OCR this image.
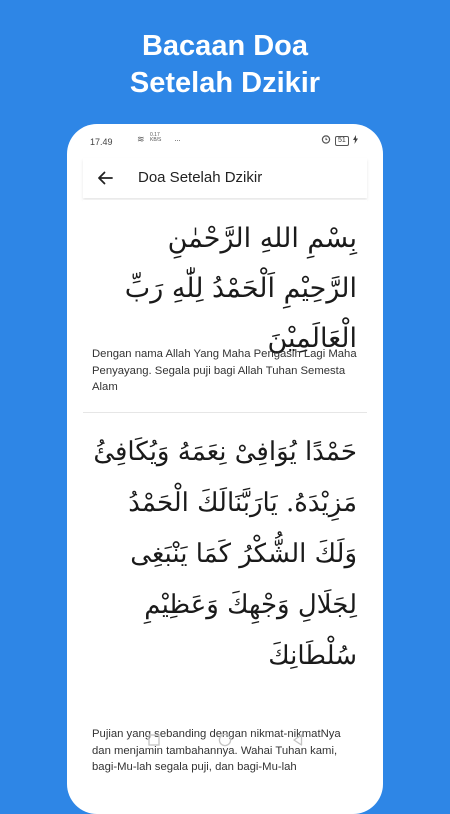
Bacaan Doa
Setelah Dzikir
17.49	≋ 0.17
KB/S ···	51
Doa Setelah Dzikir
بِسْمِ اللهِ الرَّحْمٰنِ الرَّحِيْمِ اَلْحَمْدُ لِلّٰهِ رَبِّ الْعَالَمِيْنَ
Dengan nama Allah Yang Maha Pengasih Lagi Maha Penyayang. Segala puji bagi Allah Tuhan Semesta Alam
حَمْدًا يُوَافِىْ نِعَمَهُ وَيُكَافِئُ مَزِيْدَهُ. يَارَبَّنَالَكَ الْحَمْدُ وَلَكَ الشُّكْرُ كَمَا يَنْبَغِى لِجَلَالِ وَجْهِكَ وَعَظِيْمِ سُلْطَانِكَ
Pujian yang sebanding dengan nikmat-nikmatNya dan menjamin tambahannya. Wahai Tuhan kami, bagi-Mu-lah segala puji, dan bagi-Mu-lah
